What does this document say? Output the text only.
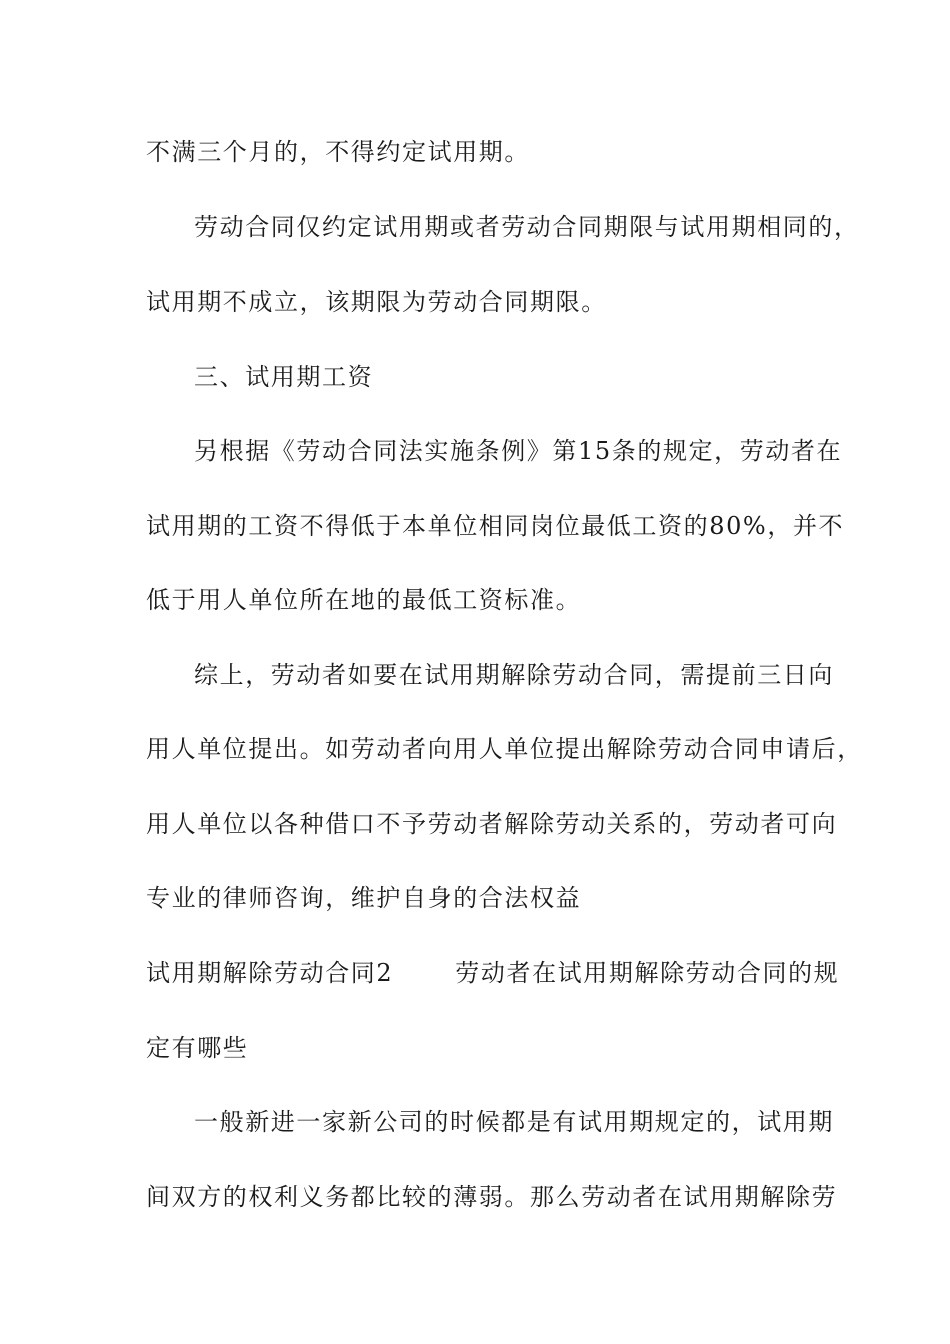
不满三个月的，不得约定试用期。
劳动合同仅约定试用期或者劳动合同期限与试用期相同的，
试用期不成立，该期限为劳动合同期限。
三、试用期工资
另根据《劳动合同法实施条例》第15条的规定，劳动者在
试用期的工资不得低于本单位相同岗位最低工资的80%，并不
低于用人单位所在地的最低工资标准。
综上，劳动者如要在试用期解除劳动合同，需提前三日向
用人单位提出。如劳动者向用人单位提出解除劳动合同申请后，
用人单位以各种借口不予劳动者解除劳动关系的，劳动者可向
专业的律师咨询，维护自身的合法权益
试用期解除劳动合同2	劳动者在试用期解除劳动合同的规
定有哪些
一般新进一家新公司的时候都是有试用期规定的，试用期
间双方的权利义务都比较的薄弱。那么劳动者在试用期解除劳
